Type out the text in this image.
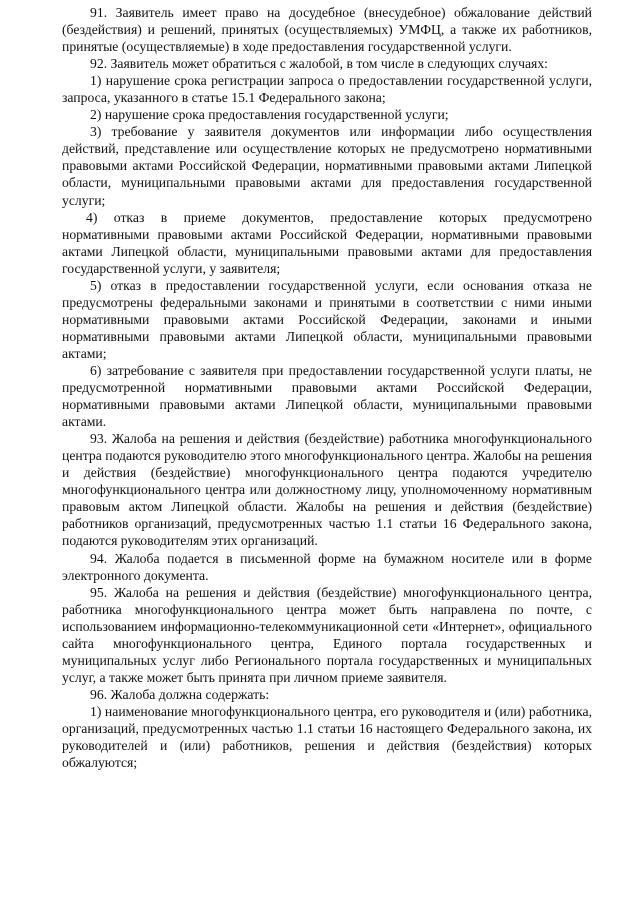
91. Заявитель имеет право на досудебное (внесудебное) обжалование действий (бездействия) и решений, принятых (осуществляемых) УМФЦ, а также их работников, принятые (осуществляемые) в ходе предоставления государственной услуги.

92. Заявитель может обратиться с жалобой, в том числе в следующих случаях:

1) нарушение срока регистрации запроса о предоставлении государственной услуги, запроса, указанного в статье 15.1 Федерального закона;

2) нарушение срока предоставления государственной услуги;

3) требование у заявителя документов или информации либо осуществления действий, представление или осуществление которых не предусмотрено нормативными правовыми актами Российской Федерации, нормативными правовыми актами Липецкой области, муниципальными правовыми актами для предоставления государственной услуги;

4) отказ в приеме документов, предоставление которых предусмотрено нормативными правовыми актами Российской Федерации, нормативными правовыми актами Липецкой области, муниципальными правовыми актами для предоставления государственной услуги, у заявителя;

5) отказ в предоставлении государственной услуги, если основания отказа не предусмотрены федеральными законами и принятыми в соответствии с ними иными нормативными правовыми актами Российской Федерации, законами и иными нормативными правовыми актами Липецкой области, муниципальными правовыми актами;

6) затребование с заявителя при предоставлении государственной услуги платы, не предусмотренной нормативными правовыми актами Российской Федерации, нормативными правовыми актами Липецкой области, муниципальными правовыми актами.

93. Жалоба на решения и действия (бездействие) работника многофункционального центра подаются руководителю этого многофункционального центра. Жалобы на решения и действия (бездействие) многофункционального центра подаются учредителю многофункционального центра или должностному лицу, уполномоченному нормативным правовым актом Липецкой области. Жалобы на решения и действия (бездействие) работников организаций, предусмотренных частью 1.1 статьи 16 Федерального закона, подаются руководителям этих организаций.

94. Жалоба подается в письменной форме на бумажном носителе или в форме электронного документа.

95. Жалоба на решения и действия (бездействие) многофункционального центра, работника многофункционального центра может быть направлена по почте, с использованием информационно-телекоммуникационной сети «Интернет», официального сайта многофункционального центра, Единого портала государственных и муниципальных услуг либо Регионального портала государственных и муниципальных услуг, а также может быть принята при личном приеме заявителя.

96. Жалоба должна содержать:

1) наименование многофункционального центра, его руководителя и (или) работника, организаций, предусмотренных частью 1.1 статьи 16 настоящего Федерального закона, их руководителей и (или) работников, решения и действия (бездействия) которых обжалуются;
